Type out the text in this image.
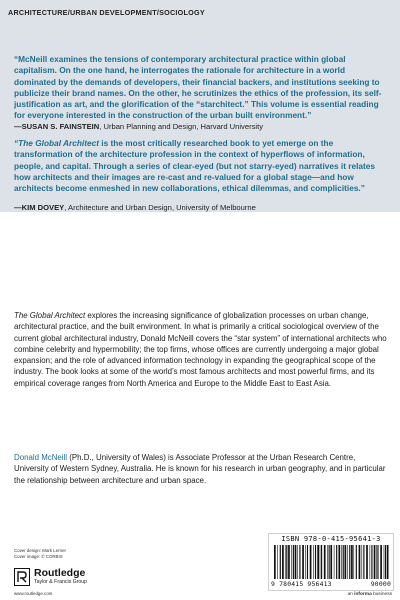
ARCHITECTURE/URBAN DEVELOPMENT/SOCIOLOGY
“McNeill examines the tensions of contemporary architectural practice within global capitalism. On the one hand, he interrogates the rationale for architecture in a world dominated by the demands of developers, their financial backers, and institutions seeking to publicize their brand names. On the other, he scrutinizes the ethics of the profession, its self-justification as art, and the glorification of the “starchitect.” This volume is essential reading for everyone interested in the construction of the urban built environment.”
—SUSAN S. FAINSTEIN, Urban Planning and Design, Harvard University
“The Global Architect is the most critically researched book to yet emerge on the transformation of the architecture profession in the context of hyperflows of information, people, and capital. Through a series of clear-eyed (but not starry-eyed) narratives it relates how architects and their images are re-cast and re-valued for a global stage—and how architects become enmeshed in new collaborations, ethical dilemmas, and complicities.”
—KIM DOVEY, Architecture and Urban Design, University of Melbourne
The Global Architect explores the increasing significance of globalization processes on urban change, architectural practice, and the built environment. In what is primarily a critical sociological overview of the current global architectural industry, Donald McNeill covers the “star system” of international architects who combine celebrity and hypermobility; the top firms, whose offices are currently undergoing a major global expansion; and the role of advanced information technology in expanding the geographical scope of the industry. The book looks at some of the world’s most famous architects and most powerful firms, and its empirical coverage ranges from North America and Europe to the Middle East to East Asia.
Donald McNeill (Ph.D., University of Wales) is Associate Professor at the Urban Research Centre, University of Western Sydney, Australia. He is known for his research in urban geography, and in particular the relationship between architecture and urban space.
Cover design: Mark Lerner
Cover image: © CORBIS
Routledge
Taylor & Francis Group
www.routledge.com
ISBN 978-0-415-95641-3
9 780415 956413	90000
an informa business
